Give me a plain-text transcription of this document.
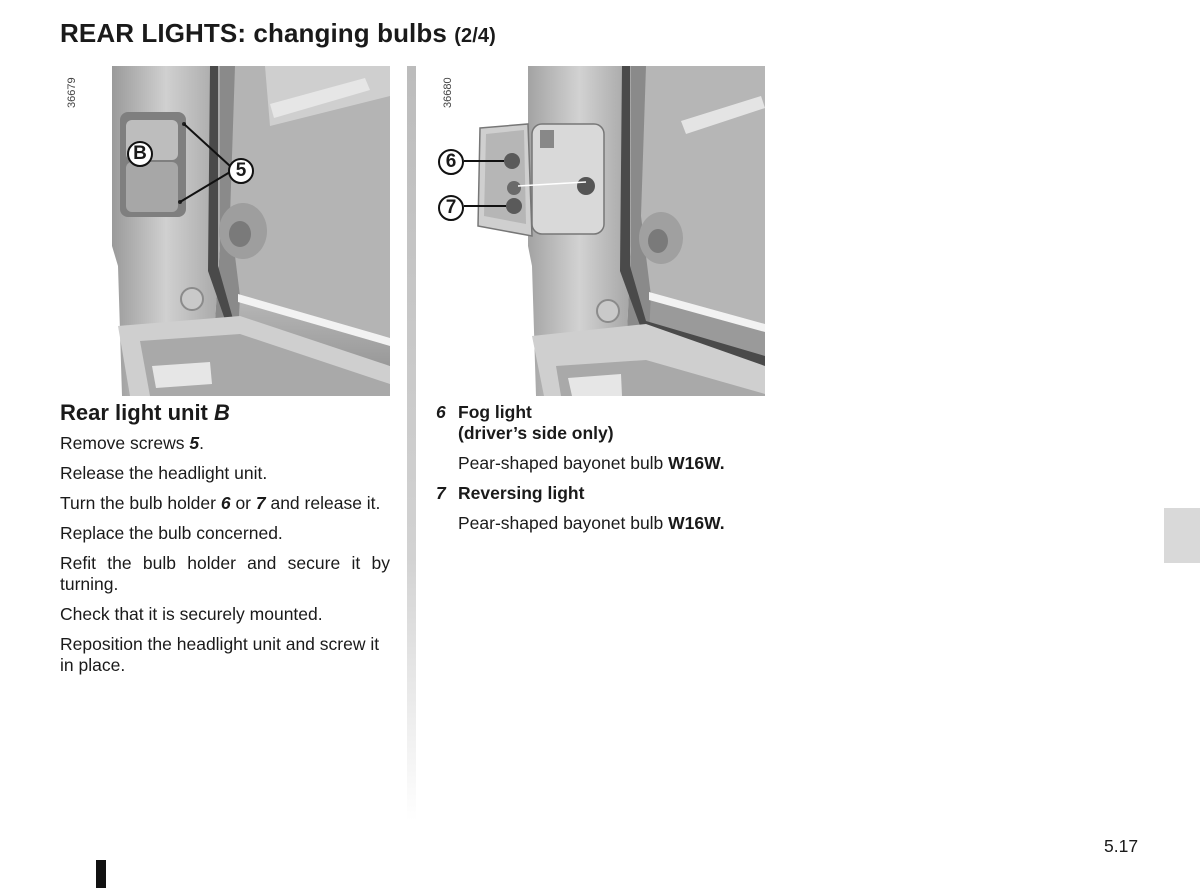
REAR LIGHTS: changing bulbs (2/4)
36679
B
5
36680
6
7
Rear light unit B

Remove screws 5.

Release the headlight unit.

Turn the bulb holder 6 or 7 and release it.

Replace the bulb concerned.

Refit the bulb holder and secure it by turning.

Check that it is securely mounted.

Reposition the headlight unit and screw it in place.

6 Fog light
(driver’s side only)
Pear-shaped bayonet bulb W16W.
7 Reversing light
Pear-shaped bayonet bulb W16W.
5.17
